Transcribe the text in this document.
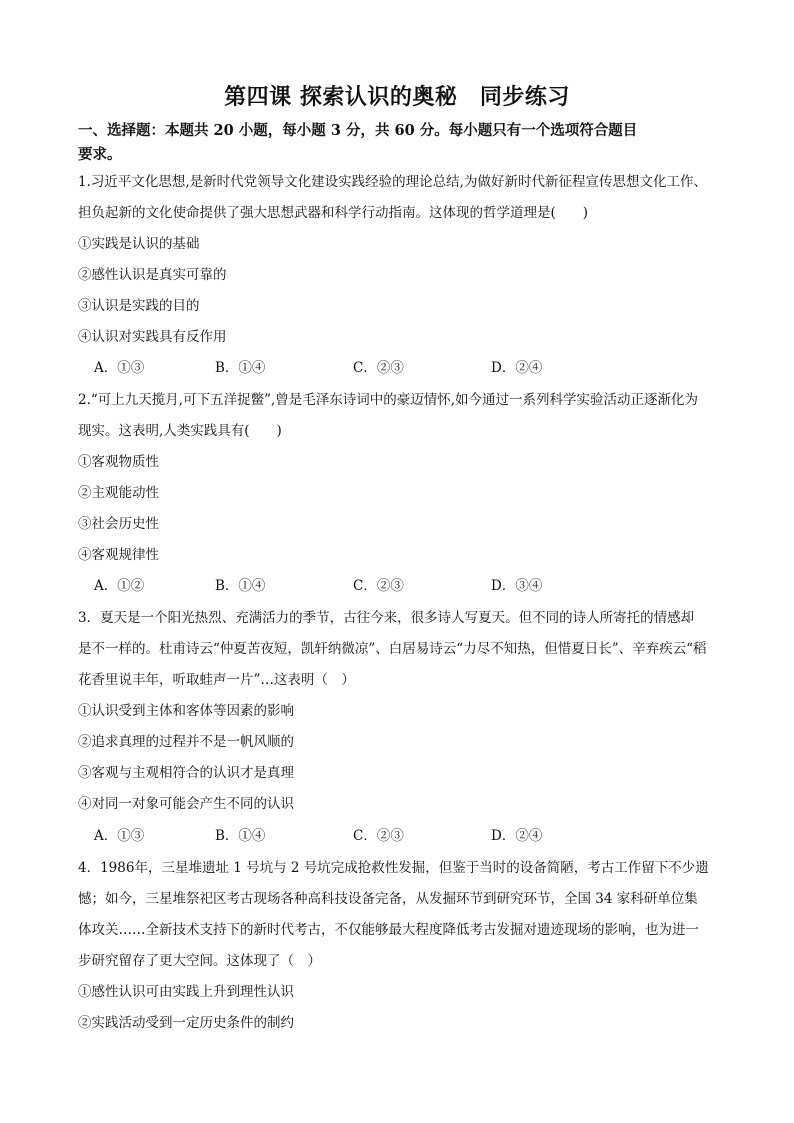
第四课 探索认识的奥秘　同步练习
一、选择题：本题共 20 小题，每小题 3 分，共 60 分。每小题只有一个选项符合题目
要求。
1.习近平文化思想,是新时代党领导文化建设实践经验的理论总结,为做好新时代新征程宣传思想文化工作、
担负起新的文化使命提供了强大思想武器和科学行动指南。这体现的哲学道理是(　　)
①实践是认识的基础
②感性认识是真实可靠的
③认识是实践的目的
④认识对实践具有反作用
A．①③	B．①④	C．②③	D．②④
2.“可上九天揽月,可下五洋捉鳖”,曾是毛泽东诗词中的豪迈情怀,如今通过一系列科学实验活动正逐渐化为
现实。这表明,人类实践具有(　　)
①客观物质性
②主观能动性
③社会历史性
④客观规律性
A．①②	B．①④	C．②③	D．③④
3．夏天是一个阳光热烈、充满活力的季节，古往今来，很多诗人写夏天。但不同的诗人所寄托的情感却
是不一样的。杜甫诗云“仲夏苦夜短，凯轩纳微凉”、白居易诗云“力尽不知热，但惜夏日长”、辛弃疾云“稻
花香里说丰年，听取蛙声一片”…这表明（　）
①认识受到主体和客体等因素的影响
②追求真理的过程并不是一帆风顺的
③客观与主观相符合的认识才是真理
④对同一对象可能会产生不同的认识
A．①③	B．①④	C．②③	D．②④
4．1986年，三星堆遗址 1 号坑与 2 号坑完成抢救性发掘，但鉴于当时的设备简陋，考古工作留下不少遗
憾；如今，三星堆祭祀区考古现场各种高科技设备完备，从发掘环节到研究环节，全国 34 家科研单位集
体攻关……全新技术支持下的新时代考古，不仅能够最大程度降低考古发掘对遗迹现场的影响，也为进一
步研究留存了更大空间。这体现了（　）
①感性认识可由实践上升到理性认识
②实践活动受到一定历史条件的制约
